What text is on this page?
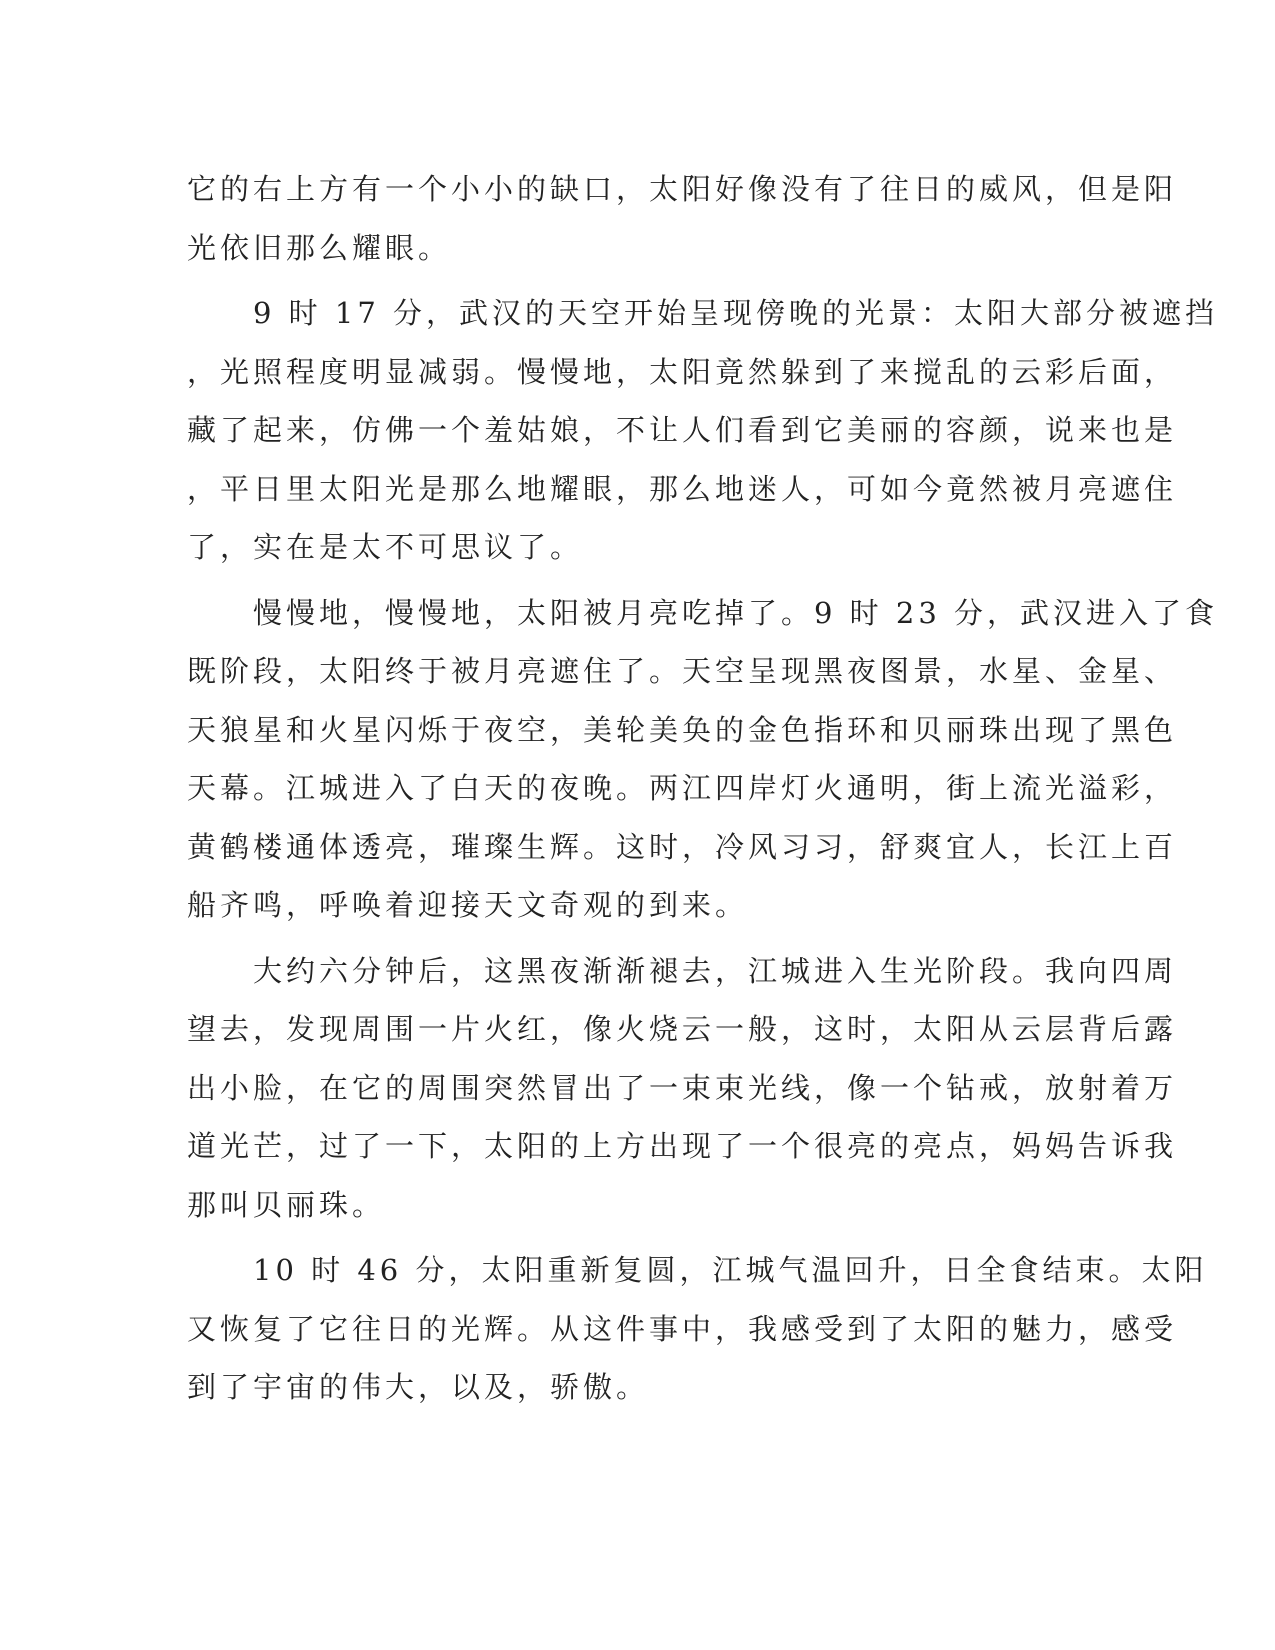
它的右上方有一个小小的缺口，太阳好像没有了往日的威风，但是阳
光依旧那么耀眼。
　　9 时 17 分，武汉的天空开始呈现傍晚的光景：太阳大部分被遮挡
，光照程度明显减弱。慢慢地，太阳竟然躲到了来搅乱的云彩后面，
藏了起来，仿佛一个羞姑娘，不让人们看到它美丽的容颜，说来也是
，平日里太阳光是那么地耀眼，那么地迷人，可如今竟然被月亮遮住
了，实在是太不可思议了。
　　慢慢地，慢慢地，太阳被月亮吃掉了。9 时 23 分，武汉进入了食
既阶段，太阳终于被月亮遮住了。天空呈现黑夜图景，水星、金星、
天狼星和火星闪烁于夜空，美轮美奂的金色指环和贝丽珠出现了黑色
天幕。江城进入了白天的夜晚。两江四岸灯火通明，街上流光溢彩，
黄鹤楼通体透亮，璀璨生辉。这时，冷风习习，舒爽宜人，长江上百
船齐鸣，呼唤着迎接天文奇观的到来。
　　大约六分钟后，这黑夜渐渐褪去，江城进入生光阶段。我向四周
望去，发现周围一片火红，像火烧云一般，这时，太阳从云层背后露
出小脸，在它的周围突然冒出了一束束光线，像一个钻戒，放射着万
道光芒，过了一下，太阳的上方出现了一个很亮的亮点，妈妈告诉我
那叫贝丽珠。
　　10 时 46 分，太阳重新复圆，江城气温回升，日全食结束。太阳
又恢复了它往日的光辉。从这件事中，我感受到了太阳的魅力，感受
到了宇宙的伟大，以及，骄傲。
